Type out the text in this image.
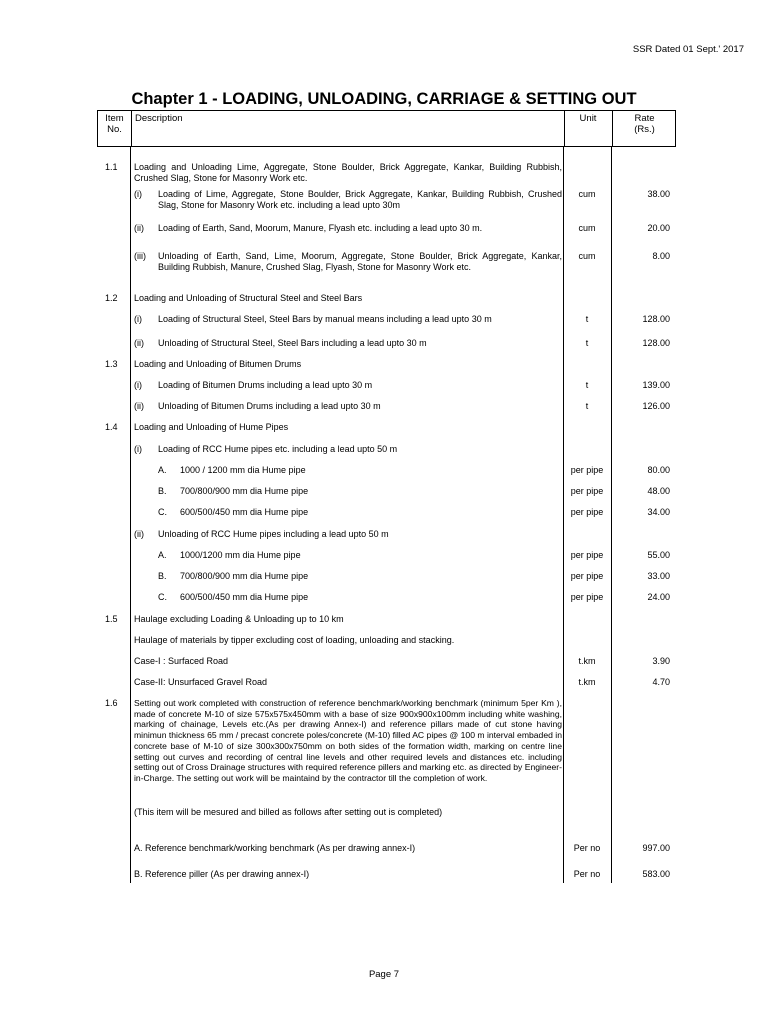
SSR Dated 01 Sept.' 2017
Chapter 1 - LOADING, UNLOADING, CARRIAGE & SETTING OUT
Item
No.
Description	Unit	Rate
(Rs.)
1.1 Loading and Unloading Lime, Aggregate, Stone Boulder, Brick Aggregate, Kankar, Building Rubbish, Crushed Slag, Stone for Masonry Work etc.
(i) Loading of Lime, Aggregate, Stone Boulder, Brick Aggregate, Kankar, Building Rubbish, Crushed Slag, Stone for Masonry Work etc. including a lead upto 30m
cum	38.00
(ii) Loading of Earth, Sand, Moorum, Manure, Flyash etc. including a lead upto 30 m.	cum	20.00
(iii) Unloading of Earth, Sand, Lime, Moorum, Aggregate, Stone Boulder, Brick Aggregate, Kankar, Building Rubbish, Manure, Crushed Slag, Flyash, Stone for Masonry Work etc.
cum	8.00
1.2 Loading and Unloading of Structural Steel and Steel Bars
(i) Loading of Structural Steel, Steel Bars by manual means including a lead upto 30 m	t	128.00
(ii) Unloading of Structural Steel, Steel Bars including a lead upto 30 m	t	128.00
1.3 Loading and Unloading of Bitumen Drums
(i) Loading of Bitumen Drums including a lead upto 30 m	t	139.00
(ii) Unloading of Bitumen Drums including a lead upto 30 m	t	126.00
1.4 Loading and Unloading of Hume Pipes
(i) Loading of RCC Hume pipes etc. including a lead upto 50 m
A. 1000 / 1200 mm dia Hume pipe	per pipe	80.00
B. 700/800/900 mm dia Hume pipe	per pipe	48.00
C. 600/500/450 mm dia Hume pipe	per pipe	34.00
(ii) Unloading of RCC Hume pipes including a lead upto 50 m
A. 1000/1200 mm dia Hume pipe	per pipe	55.00
B. 700/800/900 mm dia Hume pipe	per pipe	33.00
C. 600/500/450 mm dia Hume pipe	per pipe	24.00
1.5 Haulage excluding Loading & Unloading up to 10 km
Haulage of materials by tipper excluding cost of loading, unloading and stacking.
Case-I : Surfaced Road	t.km	3.90
Case-II: Unsurfaced Gravel Road	t.km	4.70
1.6 Setting out work completed with construction of reference benchmark/working benchmark (minimum 5per Km ), made of concrete M-10 of size 575x575x450mm with a base of size 900x900x100mm including white washing, marking of chainage, Levels etc.(As per drawing Annex-I) and reference pillars made of cut stone having minimun thickness 65 mm / precast concrete poles/concrete (M-10) filled AC pipes @ 100 m interval embaded in concrete base of M-10 of size 300x300x750mm on both sides of the formation width, marking on centre line setting out curves and recording of central line levels and other required levels and distances etc. including setting out of Cross Drainage structures with required reference pillers and marking etc. as directed by Engineer-in-Charge. The setting out work will be maintaind by the contractor till the completion of work.
(This item will be mesured and billed as follows after setting out is completed)
A. Reference benchmark/working benchmark (As per drawing annex-I)	Per no	997.00
B. Reference piller (As per drawing annex-I)	Per no	583.00
Page 7
